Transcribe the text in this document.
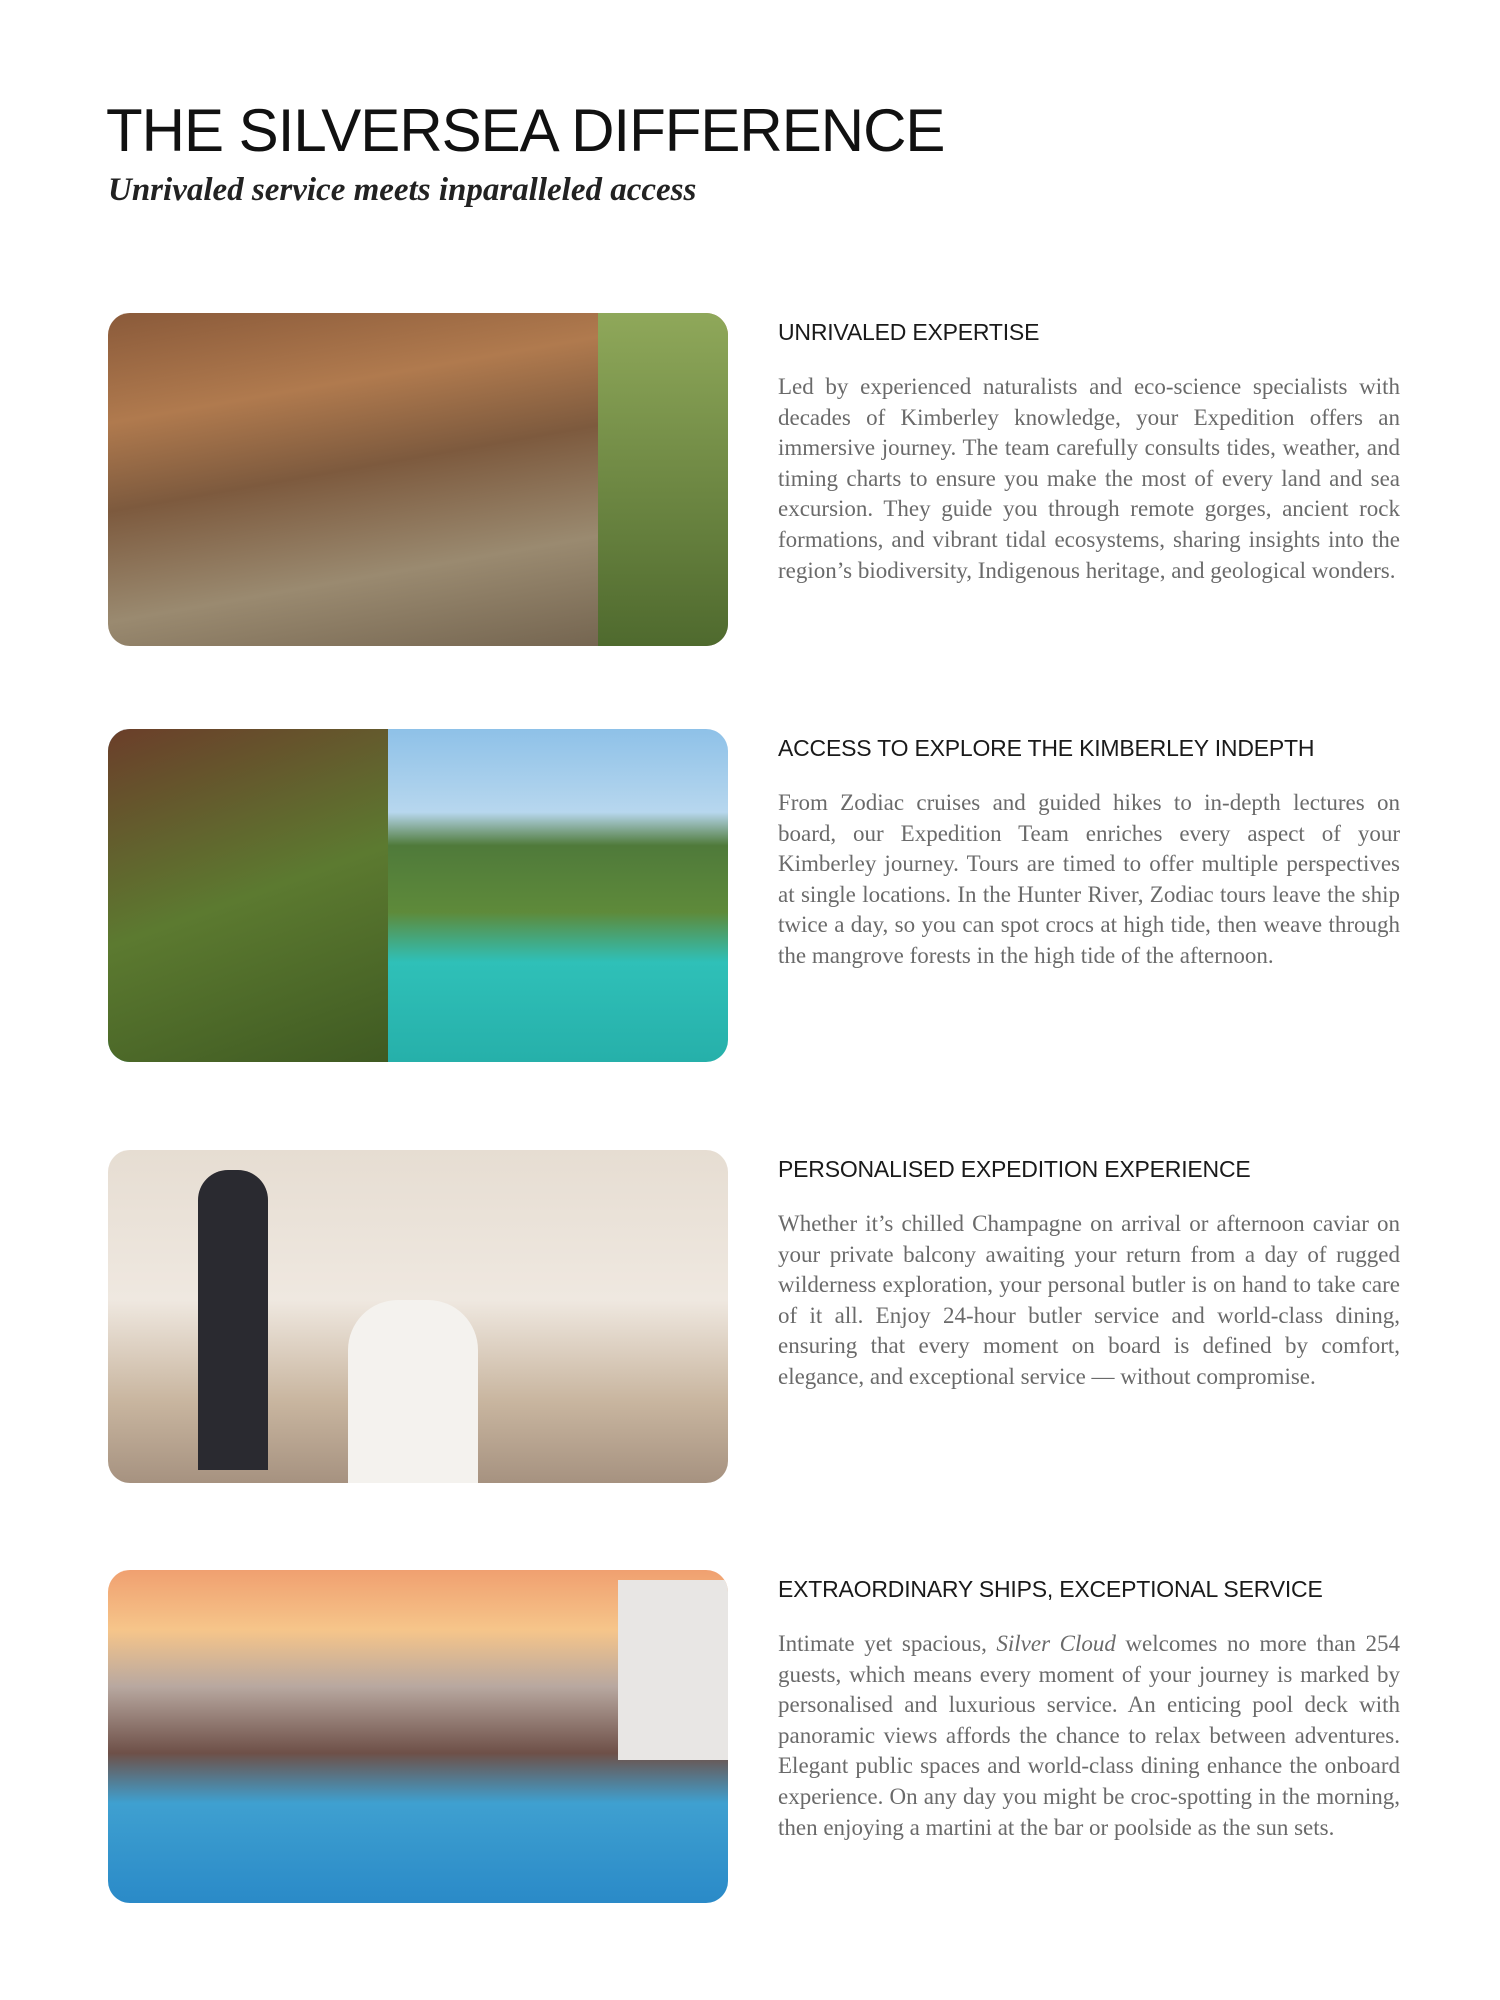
THE SILVERSEA DIFFERENCE
Unrivaled service meets inparalleled access
UNRIVALED EXPERTISE
Led by experienced naturalists and eco-science specialists with decades of Kimberley knowledge, your Expedition offers an immersive journey. The team carefully consults tides, weather, and timing charts to ensure you make the most of every land and sea excursion. They guide you through remote gorges, ancient rock formations, and vibrant tidal ecosystems, sharing insights into the region’s biodiversity, Indigenous heritage, and geological wonders.
ACCESS TO EXPLORE THE KIMBERLEY INDEPTH
From Zodiac cruises and guided hikes to in-depth lectures on board, our Expedition Team enriches every aspect of your Kimberley journey. Tours are timed to offer multiple perspectives at single locations. In the Hunter River, Zodiac tours leave the ship twice a day, so you can spot crocs at high tide, then weave through the mangrove forests in the high tide of the afternoon.
PERSONALISED EXPEDITION EXPERIENCE
Whether it’s chilled Champagne on arrival or afternoon caviar on your private balcony awaiting your return from a day of rugged wilderness exploration, your personal butler is on hand to take care of it all. Enjoy 24-hour butler service and world-class dining, ensuring that every moment on board is defined by comfort, elegance, and exceptional service — without compromise.
EXTRAORDINARY SHIPS, EXCEPTIONAL SERVICE
Intimate yet spacious, Silver Cloud welcomes no more than 254 guests, which means every moment of your journey is marked by personalised and luxurious service. An enticing pool deck with panoramic views affords the chance to relax between adventures. Elegant public spaces and world-class dining enhance the onboard experience. On any day you might be croc-spotting in the morning, then enjoying a martini at the bar or poolside as the sun sets.
